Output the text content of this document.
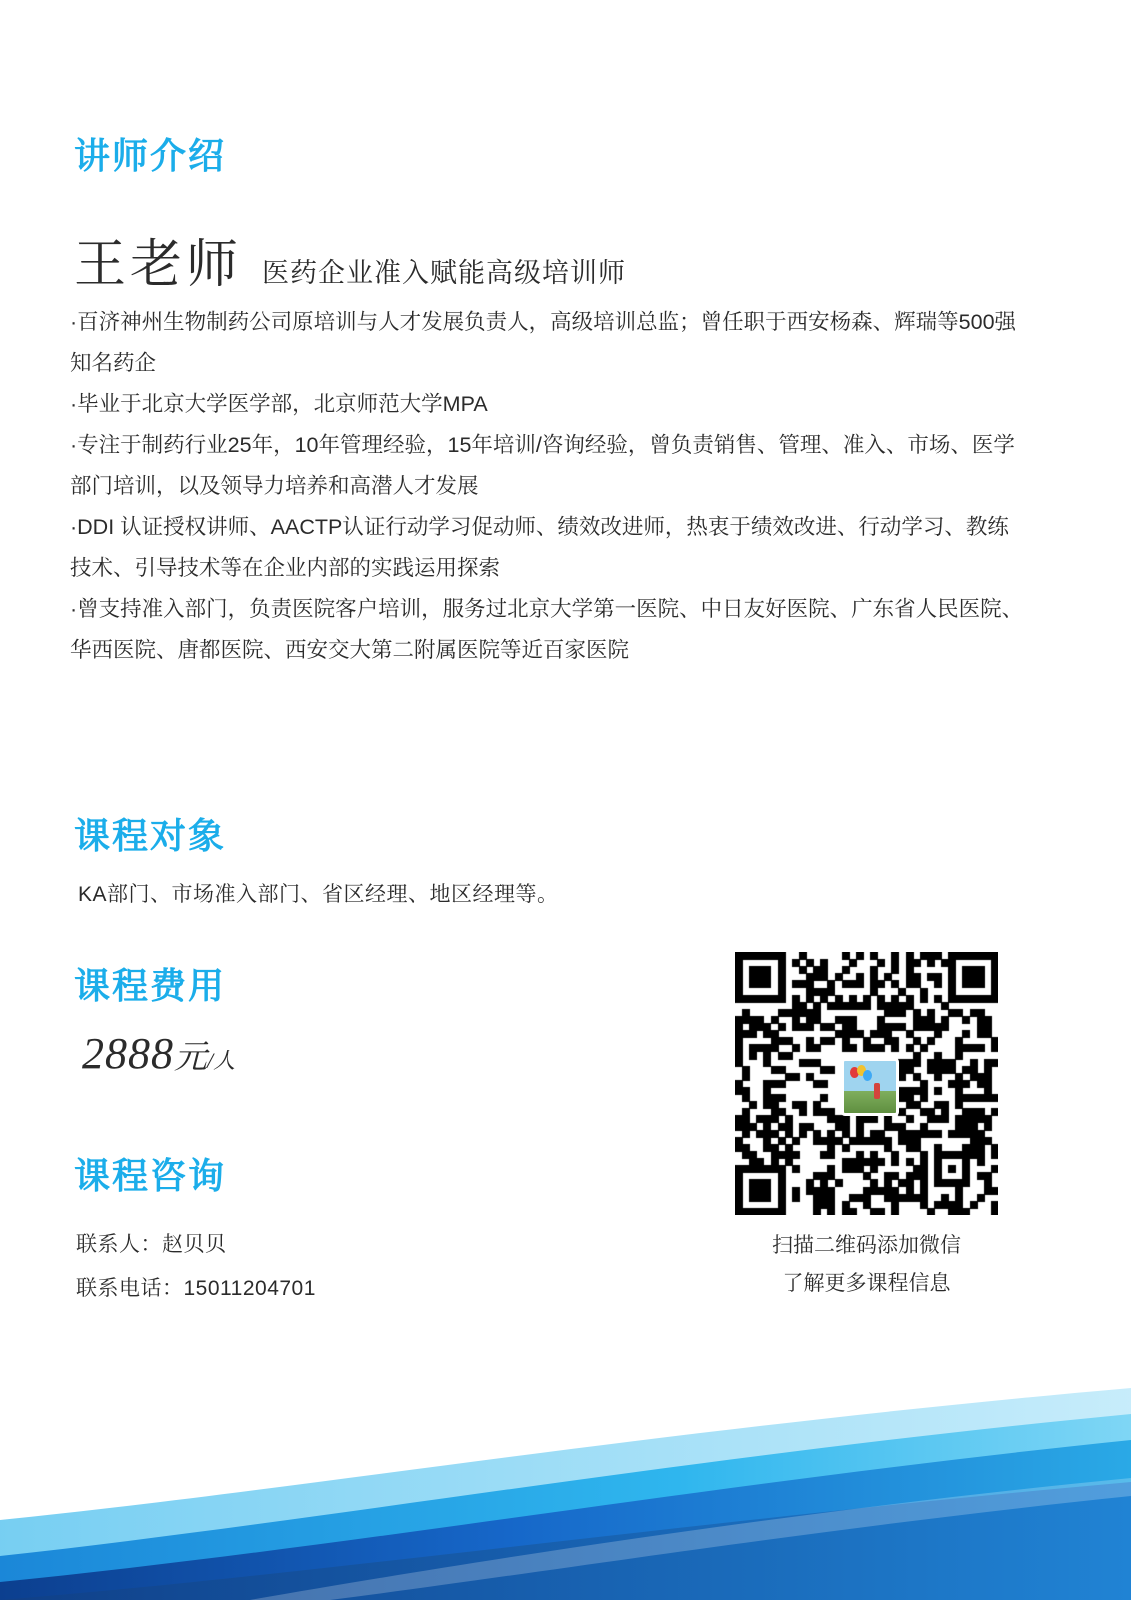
讲师介绍
王老师 医药企业准入赋能高级培训师

·百济神州生物制药公司原培训与人才发展负责人，高级培训总监；曾任职于西安杨森、辉瑞等500强知名药企

·毕业于北京大学医学部，北京师范大学MPA

·专注于制药行业25年，10年管理经验，15年培训/咨询经验，曾负责销售、管理、准入、市场、医学部门培训，以及领导力培养和高潜人才发展

·DDI 认证授权讲师、AACTP认证行动学习促动师、绩效改进师，热衷于绩效改进、行动学习、教练技术、引导技术等在企业内部的实践运用探索

·曾支持准入部门，负责医院客户培训，服务过北京大学第一医院、中日友好医院、广东省人民医院、华西医院、唐都医院、西安交大第二附属医院等近百家医院

课程对象
KA部门、市场准入部门、省区经理、地区经理等。
课程费用
2888元/人
课程咨询
联系人：赵贝贝
联系电话：15011204701
扫描二维码添加微信
了解更多课程信息
